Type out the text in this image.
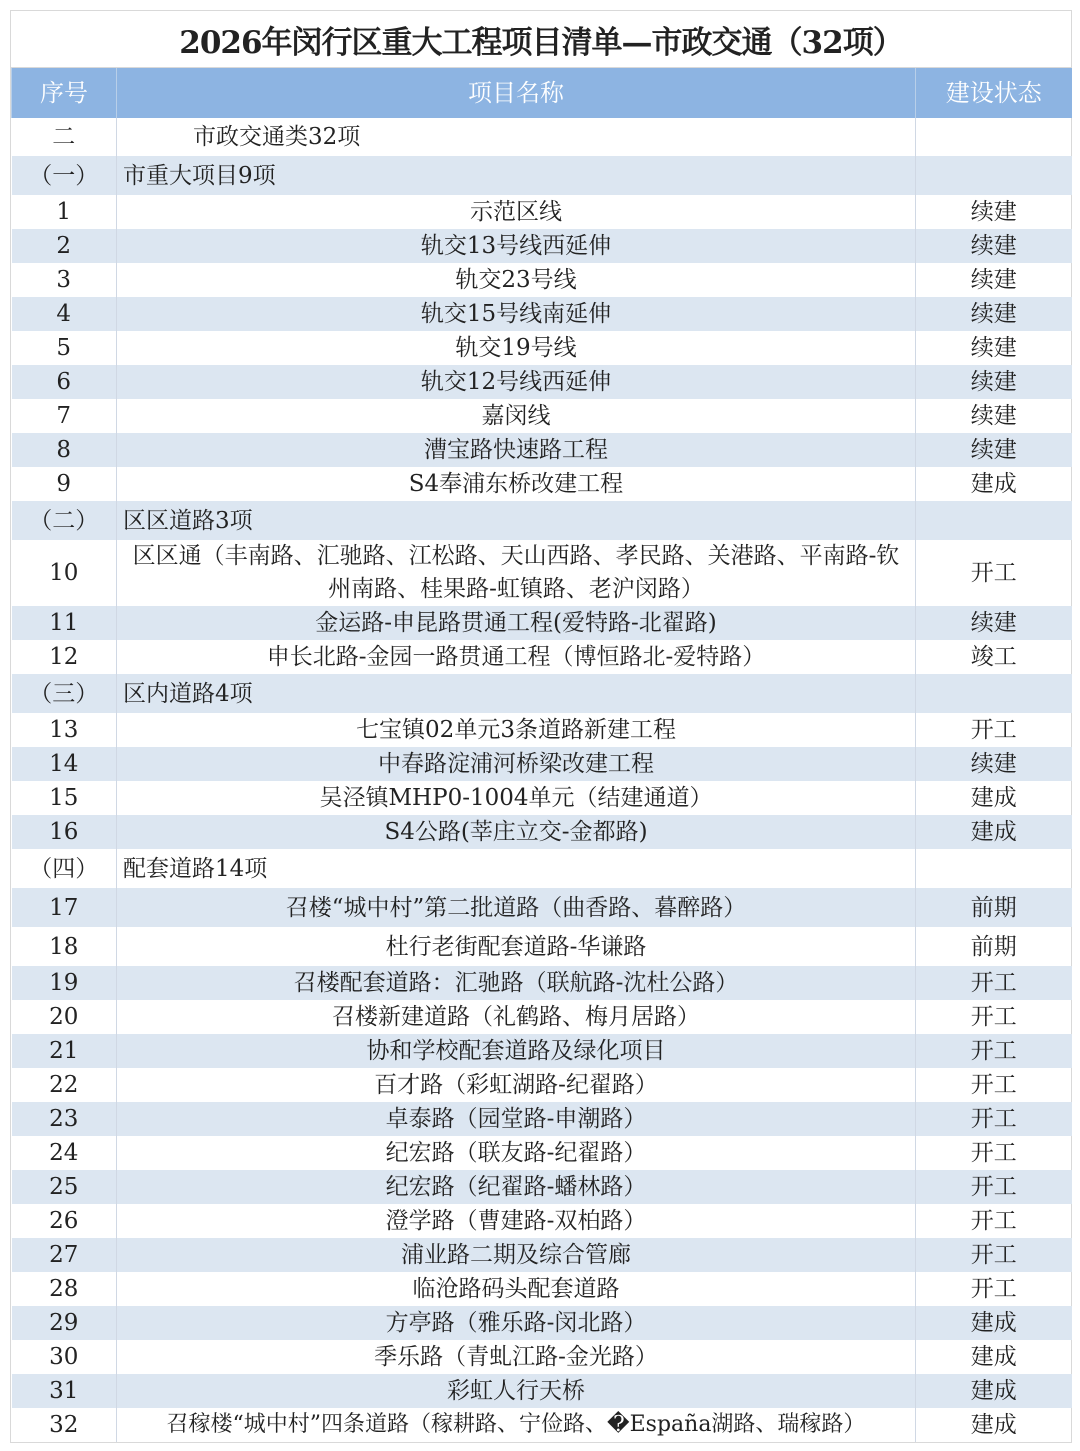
2026年闵行区重大工程项目清单—市政交通（32项）
序号	项目名称	建设状态
二	市政交通类32项	
（一）	市重大项目9项	
1	示范区线	续建
2	轨交13号线西延伸	续建
3	轨交23号线	续建
4	轨交15号线南延伸	续建
5	轨交19号线	续建
6	轨交12号线西延伸	续建
7	嘉闵线	续建
8	漕宝路快速路工程	续建
9	S4奉浦东桥改建工程	建成
（二）	区区道路3项	
10	区区通（丰南路、汇驰路、江松路、天山西路、孝民路、关港路、平南路-钦州南路、桂果路-虹镇路、老沪闵路）	开工
11	金运路-申昆路贯通工程(爱特路-北翟路)	续建
12	申长北路-金园一路贯通工程（博恒路北-爱特路）	竣工
（三）	区内道路4项	
13	七宝镇02单元3条道路新建工程	开工
14	中春路淀浦河桥梁改建工程	续建
15	吴泾镇MHP0-1004单元（结建通道）	建成
16	S4公路(莘庄立交-金都路)	建成
（四）	配套道路14项	
17	召楼“城中村”第二批道路（曲香路、暮醉路）	前期
18	杜行老街配套道路-华谦路	前期
19	召楼配套道路：汇驰路（联航路-沈杜公路）	开工
20	召楼新建道路（礼鹤路、梅月居路）	开工
21	协和学校配套道路及绿化项目	开工
22	百才路（彩虹湖路-纪翟路）	开工
23	卓泰路（园堂路-申潮路）	开工
24	纪宏路（联友路-纪翟路）	开工
25	纪宏路（纪翟路-蟠林路）	开工
26	澄学路（曹建路-双柏路）	开工
27	浦业路二期及综合管廊	开工
28	临沧路码头配套道路	开工
29	方亭路（雅乐路-闵北路）	建成
30	季乐路（青虬江路-金光路）	建成
31	彩虹人行天桥	建成
32	召稼楼“城中村”四条道路（稼耕路、宁俭路、�España湖路、瑞稼路）	建成
